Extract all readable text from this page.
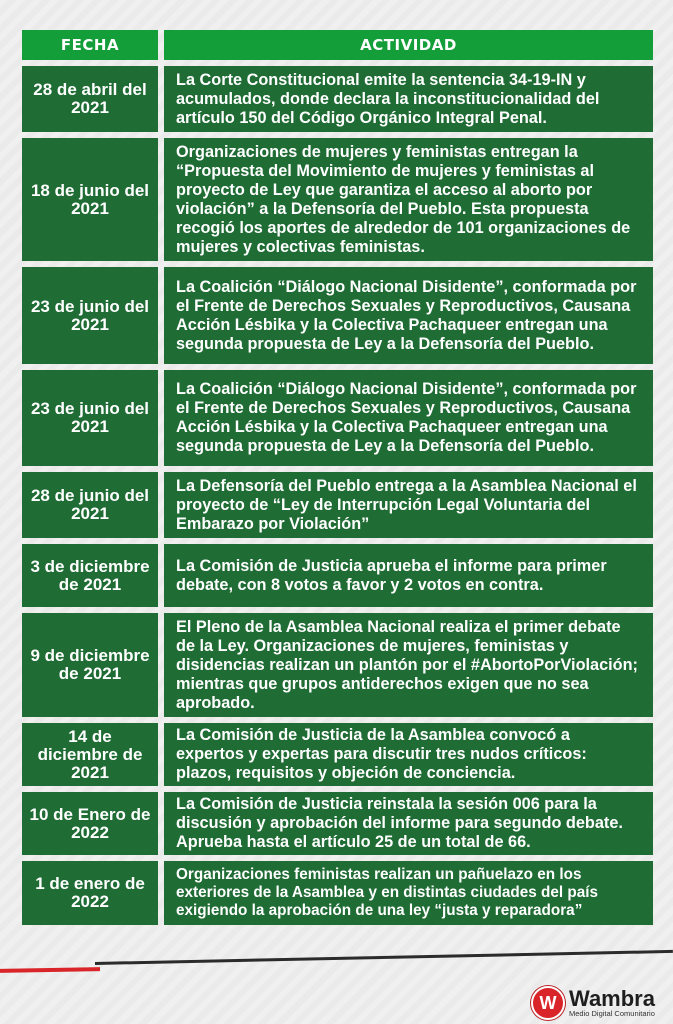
FECHA	ACTIVIDAD
28 de abril del 2021
La Corte Constitucional emite la sentencia 34-19-IN y acumulados, donde declara la inconstitucionalidad del artículo 150 del Código Orgánico Integral Penal.
18 de junio del 2021
Organizaciones de mujeres y feministas entregan la “Propuesta del Movimiento de mujeres y feministas al proyecto de Ley que garantiza el acceso al aborto por violación” a la Defensoría del Pueblo. Esta propuesta recogió los aportes de alrededor de 101 organizaciones de mujeres y colectivas feministas.
23 de junio del 2021
La Coalición “Diálogo Nacional Disidente”, conformada por el Frente de Derechos Sexuales y Reproductivos, Causana Acción Lésbika y la Colectiva Pachaqueer entregan una segunda propuesta de Ley a la Defensoría del Pueblo.
23 de junio del 2021
La Coalición “Diálogo Nacional Disidente”, conformada por el Frente de Derechos Sexuales y Reproductivos, Causana Acción Lésbika y la Colectiva Pachaqueer entregan una segunda propuesta de Ley a la Defensoría del Pueblo.
28 de junio del 2021
La Defensoría del Pueblo entrega a la Asamblea Nacional el proyecto de “Ley de Interrupción Legal Voluntaria del Embarazo por Violación”
3 de diciembre de 2021
La Comisión de Justicia aprueba el informe para primer debate, con 8 votos a favor y 2 votos en contra.
9 de diciembre de 2021
El Pleno de la Asamblea Nacional realiza el primer debate de la Ley. Organizaciones de mujeres, feministas y disidencias realizan un plantón por el #AbortoPorViolación; mientras que grupos antiderechos exigen que no sea aprobado.
14 de diciembre de 2021
La Comisión de Justicia de la Asamblea convocó a expertos y expertas para discutir tres nudos críticos: plazos, requisitos y objeción de conciencia.
10 de Enero de 2022
La Comisión de Justicia reinstala la sesión 006 para la discusión y aprobación del informe para segundo debate. Aprueba hasta el artículo 25 de un total de 66.
1 de enero de 2022
Organizaciones feministas realizan un pañuelazo en los exteriores de la Asamblea y en distintas ciudades del país exigiendo la aprobación de una ley “justa y reparadora”
W Wambra
Medio Digital Comunitario
